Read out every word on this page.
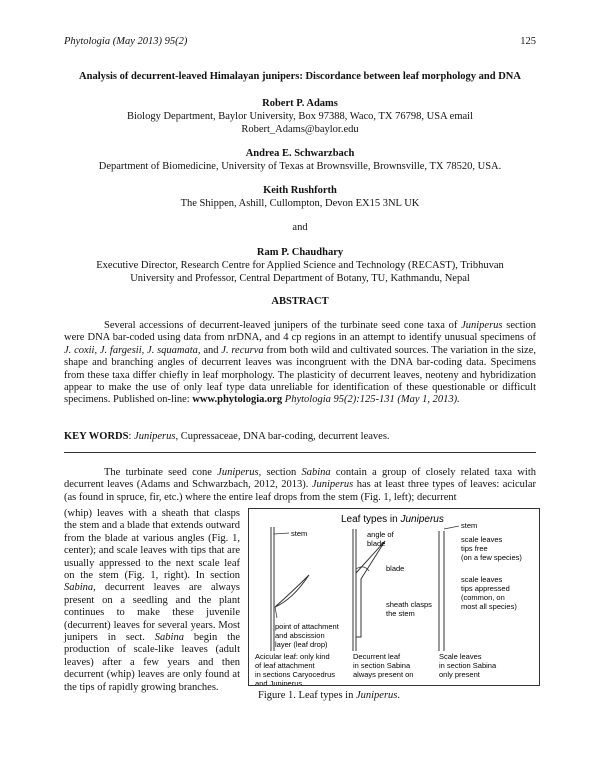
Phytologia (May 2013) 95(2)	125
Analysis of decurrent-leaved Himalayan junipers: Discordance between leaf morphology and DNA
Robert P. Adams
Biology Department, Baylor University, Box 97388, Waco, TX 76798, USA email
Robert_Adams@baylor.edu
Andrea E. Schwarzbach
Department of Biomedicine, University of Texas at Brownsville, Brownsville, TX 78520, USA.
Keith Rushforth
The Shippen, Ashill, Cullompton, Devon EX15 3NL UK
and
Ram P. Chaudhary
Executive Director, Research Centre for Applied Science and Technology (RECAST), Tribhuvan
University and Professor, Central Department of Botany, TU, Kathmandu, Nepal
ABSTRACT
Several accessions of decurrent-leaved junipers of the turbinate seed cone taxa of Juniperus section were DNA bar-coded using data from nrDNA, and 4 cp regions in an attempt to identify unusual specimens of J. coxii, J. fargesii, J. squamata, and J. recurva from both wild and cultivated sources. The variation in the size, shape and branching angles of decurrent leaves was incongruent with the DNA bar-coding data. Specimens from these taxa differ chiefly in leaf morphology. The plasticity of decurrent leaves, neoteny and hybridization appear to make the use of only leaf type data unreliable for identification of these questionable or difficult specimens. Published on-line: www.phytologia.org Phytologia 95(2):125-131 (May 1, 2013).
KEY WORDS: Juniperus, Cupressaceae, DNA bar-coding, decurrent leaves.
The turbinate seed cone Juniperus, section Sabina contain a group of closely related taxa with decurrent leaves (Adams and Schwarzbach, 2012, 2013). Juniperus has at least three types of leaves: acicular (as found in spruce, fir, etc.) where the entire leaf drops from the stem (Fig. 1, left); decurrent
(whip) leaves with a sheath that clasps the stem and a blade that extends outward from the blade at various angles (Fig. 1, center); and scale leaves with tips that are usually appressed to the next scale leaf on the stem (Fig. 1, right). In section Sabina, decurrent leaves are always present on a seedling and the plant continues to make these juvenile (decurrent) leaves for several years. Most junipers in sect. Sabina begin the production of scale-like leaves (adult leaves) after a few years and then decurrent (whip) leaves are only found at the tips of rapidly growing branches.
Leaf types in Juniperus
stem
point of attachment
and abscission
layer (leaf drop)
Acicular leaf: only kind
of leaf attachment
in sections Caryocedrus
and Juniperus
angle of
blade
blade
sheath clasps
the stem
Decurrent leaf
in section Sabina
always present on
stem
scale leaves
tips free
(on a few species)
scale leaves
tips appressed
(common, on
most all species)
Scale leaves
in section Sabina
only present
Figure 1. Leaf types in Juniperus.
